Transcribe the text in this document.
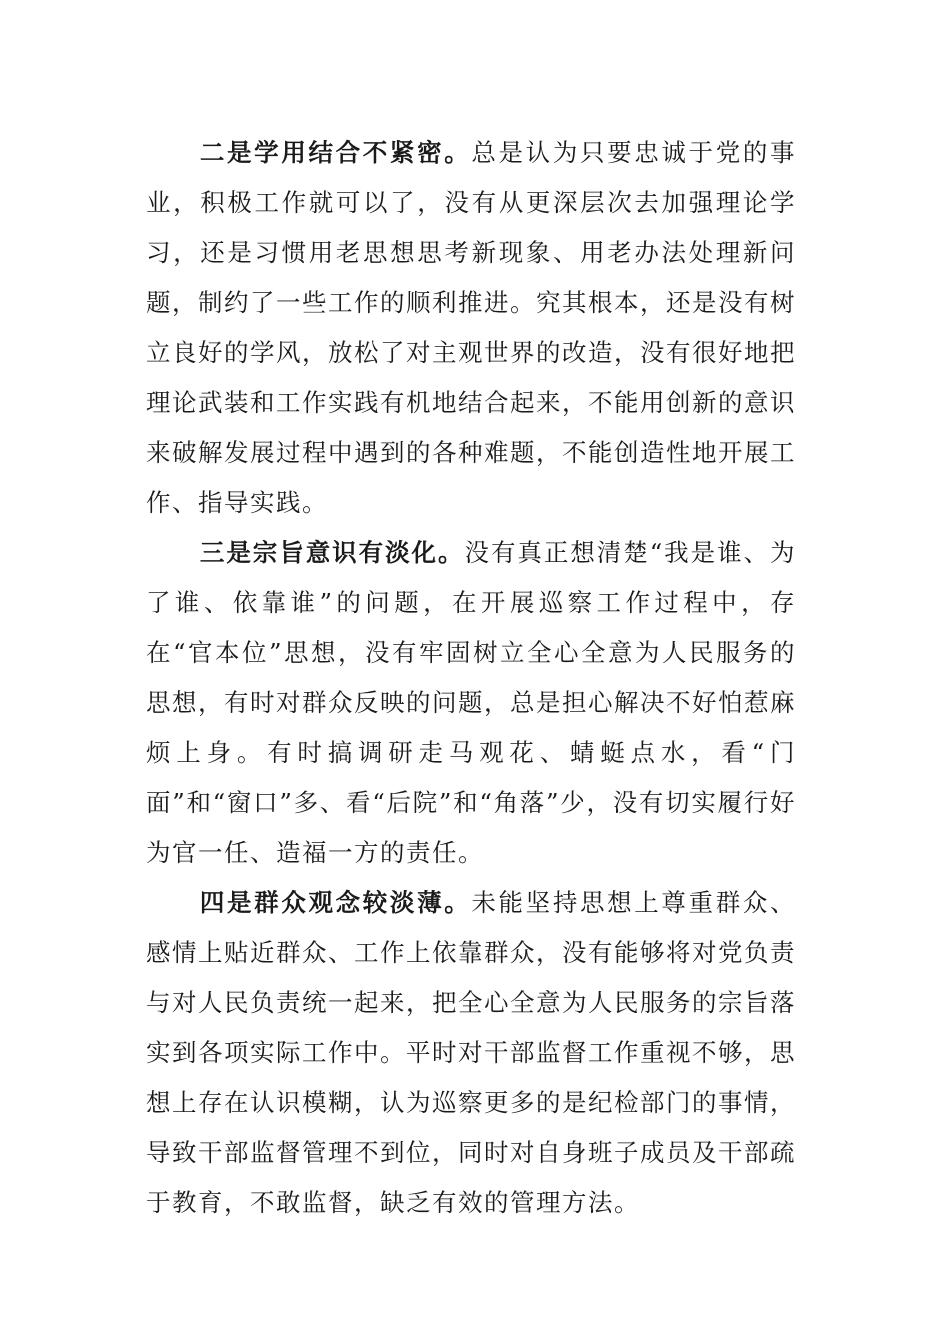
二是学用结合不紧密。总是认为只要忠诚于党的事业，积极工作就可以了，没有从更深层次去加强理论学习，还是习惯用老思想思考新现象、用老办法处理新问题，制约了一些工作的顺利推进。究其根本，还是没有树立良好的学风，放松了对主观世界的改造，没有很好地把理论武装和工作实践有机地结合起来，不能用创新的意识来破解发展过程中遇到的各种难题，不能创造性地开展工作、指导实践。

三是宗旨意识有淡化。没有真正想清楚“我是谁、为了谁、依靠谁”的问题，在开展巡察工作过程中，存在“官本位”思想，没有牢固树立全心全意为人民服务的思想，有时对群众反映的问题，总是担心解决不好怕惹麻烦上身。有时搞调研走马观花、蜻蜓点水，看“门面”和“窗口”多、看“后院”和“角落”少，没有切实履行好为官一任、造福一方的责任。

四是群众观念较淡薄。未能坚持思想上尊重群众、感情上贴近群众、工作上依靠群众，没有能够将对党负责与对人民负责统一起来，把全心全意为人民服务的宗旨落实到各项实际工作中。平时对干部监督工作重视不够，思想上存在认识模糊，认为巡察更多的是纪检部门的事情，导致干部监督管理不到位，同时对自身班子成员及干部疏于教育，不敢监督，缺乏有效的管理方法。
